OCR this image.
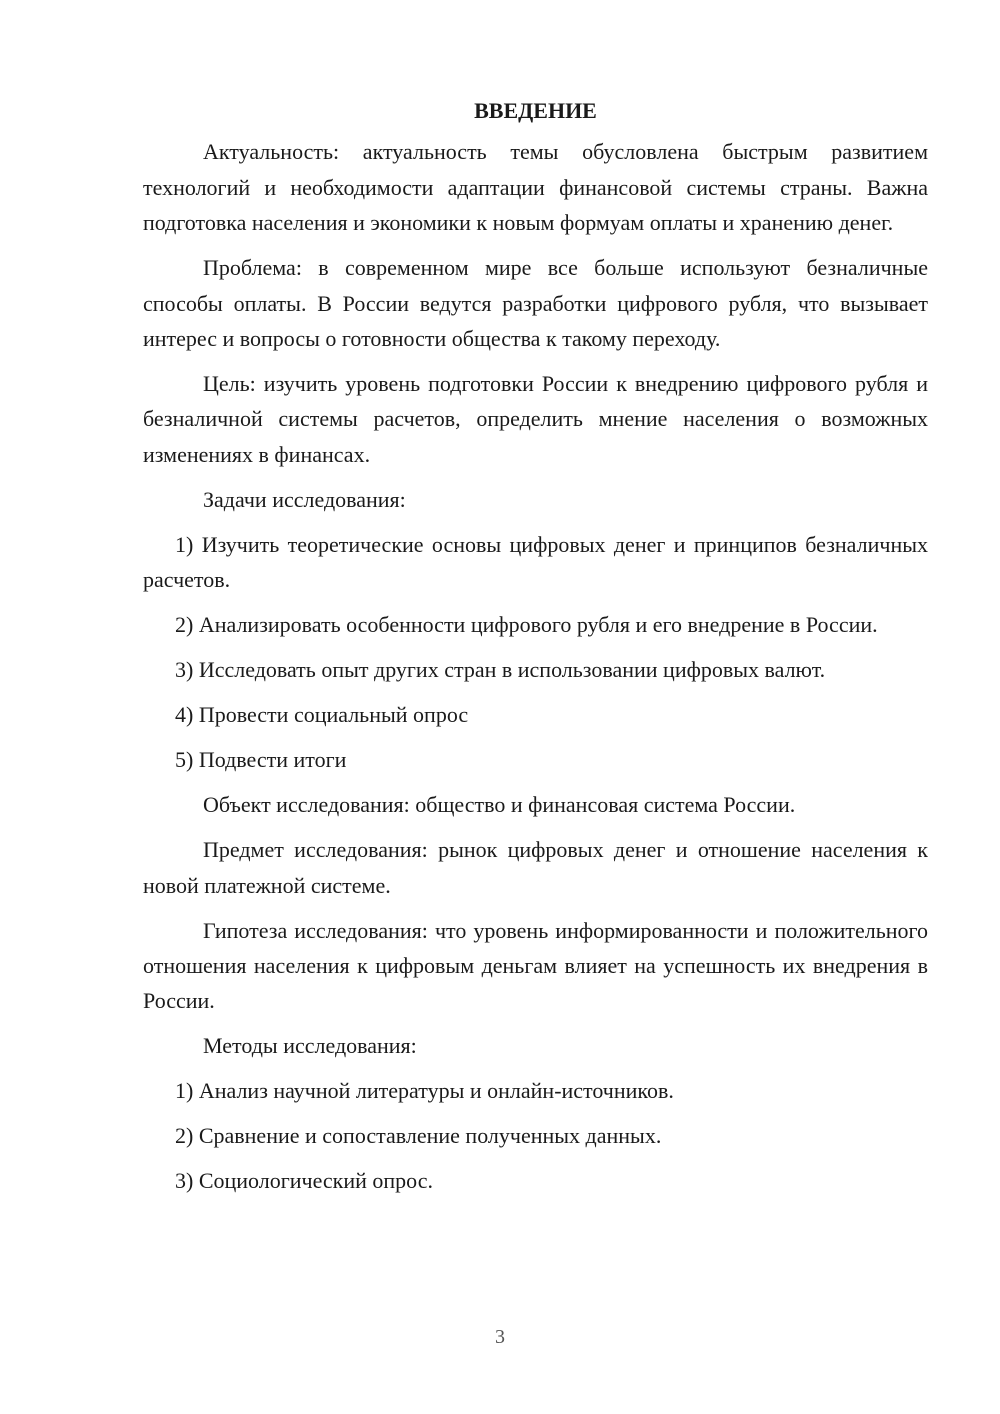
ВВЕДЕНИЕ

Актуальность: актуальность темы обусловлена быстрым развитием технологий и необходимости адаптации финансовой системы страны. Важна подготовка населения и экономики к новым формуам оплаты и хранению денег.

Проблема: в современном мире все больше используют безналичные способы оплаты. В России ведутся разработки цифрового рубля, что вызывает интерес и вопросы о готовности общества к такому переходу.

Цель: изучить уровень подготовки России к внедрению цифрового рубля и безналичной системы расчетов, определить мнение населения о возможных изменениях в финансах.

Задачи исследования:

1) Изучить теоретические основы цифровых денег и принципов безналичных расчетов.

2) Анализировать особенности цифрового рубля и его внедрение в России.

3) Исследовать опыт других стран в использовании цифровых валют.

4) Провести социальный опрос

5) Подвести итоги

Объект исследования: общество и финансовая система России.

Предмет исследования: рынок цифровых денег и отношение населения к новой платежной системе.

Гипотеза исследования: что уровень информированности и положительного отношения населения к цифровым деньгам влияет на успешность их внедрения в России.

Методы исследования:

1) Анализ научной литературы и онлайн-источников.

2) Сравнение и сопоставление полученных данных.

3) Социологический опрос.

3
